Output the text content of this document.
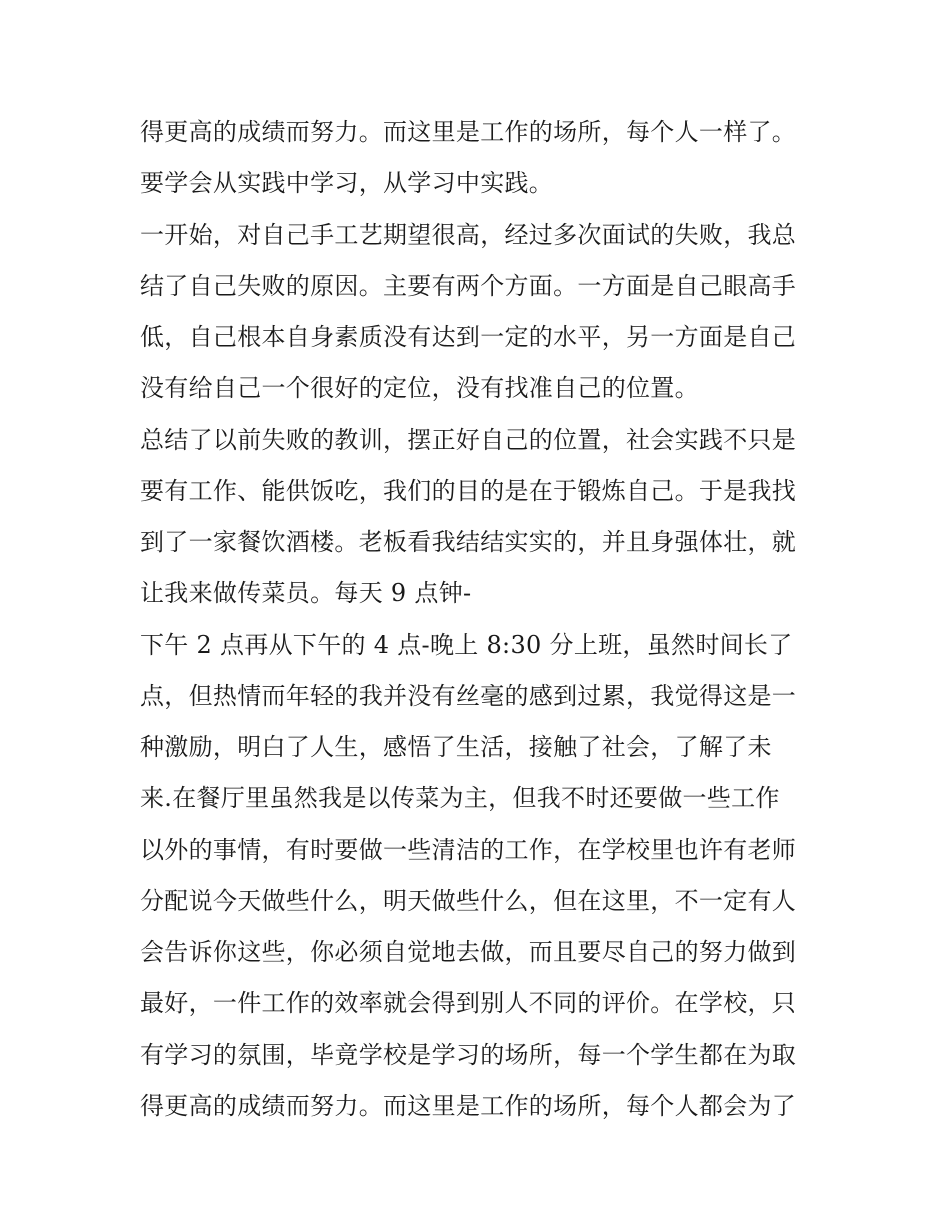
得更高的成绩而努力。而这里是工作的场所，每个人一样了。
要学会从实践中学习，从学习中实践。
一开始，对自己手工艺期望很高，经过多次面试的失败，我总
结了自己失败的原因。主要有两个方面。一方面是自己眼高手
低，自己根本自身素质没有达到一定的水平，另一方面是自己
没有给自己一个很好的定位，没有找准自己的位置。
总结了以前失败的教训，摆正好自己的位置，社会实践不只是
要有工作、能供饭吃，我们的目的是在于锻炼自己。于是我找
到了一家餐饮酒楼。老板看我结结实实的，并且身强体壮，就
让我来做传菜员。每天 9 点钟-
下午 2 点再从下午的 4 点-晚上 8:30 分上班，虽然时间长了
点，但热情而年轻的我并没有丝毫的感到过累，我觉得这是一
种激励，明白了人生，感悟了生活，接触了社会，了解了未
来.在餐厅里虽然我是以传菜为主，但我不时还要做一些工作
以外的事情，有时要做一些清洁的工作，在学校里也许有老师
分配说今天做些什么，明天做些什么，但在这里，不一定有人
会告诉你这些，你必须自觉地去做，而且要尽自己的努力做到
最好，一件工作的效率就会得到别人不同的评价。在学校，只
有学习的氛围，毕竟学校是学习的场所，每一个学生都在为取
得更高的成绩而努力。而这里是工作的场所，每个人都会为了
